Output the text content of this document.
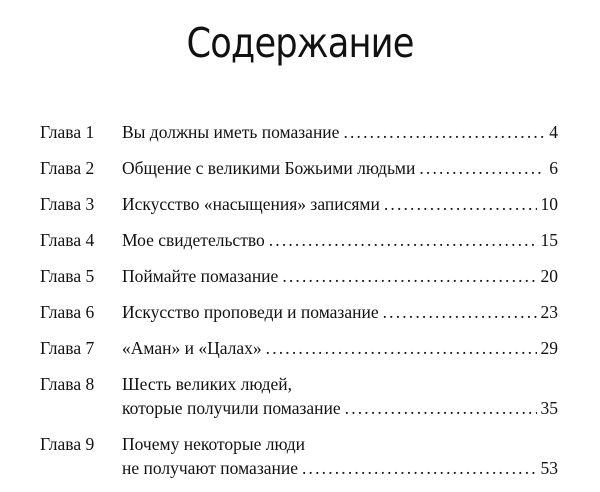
Содержание
Глава 1	Вы должны иметь помазание . . .	4
Глава 2	Общение с великими Божьими людьми . . .	6
Глава 3	Искусство «насыщения» записями . . .	10
Глава 4	Мое свидетельство . . .	15
Глава 5	Поймайте помазание . . .	20
Глава 6	Искусство проповеди и помазание . . .	23
Глава 7	«Аман» и «Цалах» . . .	29
Глава 8	Шесть великих людей,
которые получили помазание . . .	35
Глава 9	Почему некоторые люди
не получают помазание . . .	53
